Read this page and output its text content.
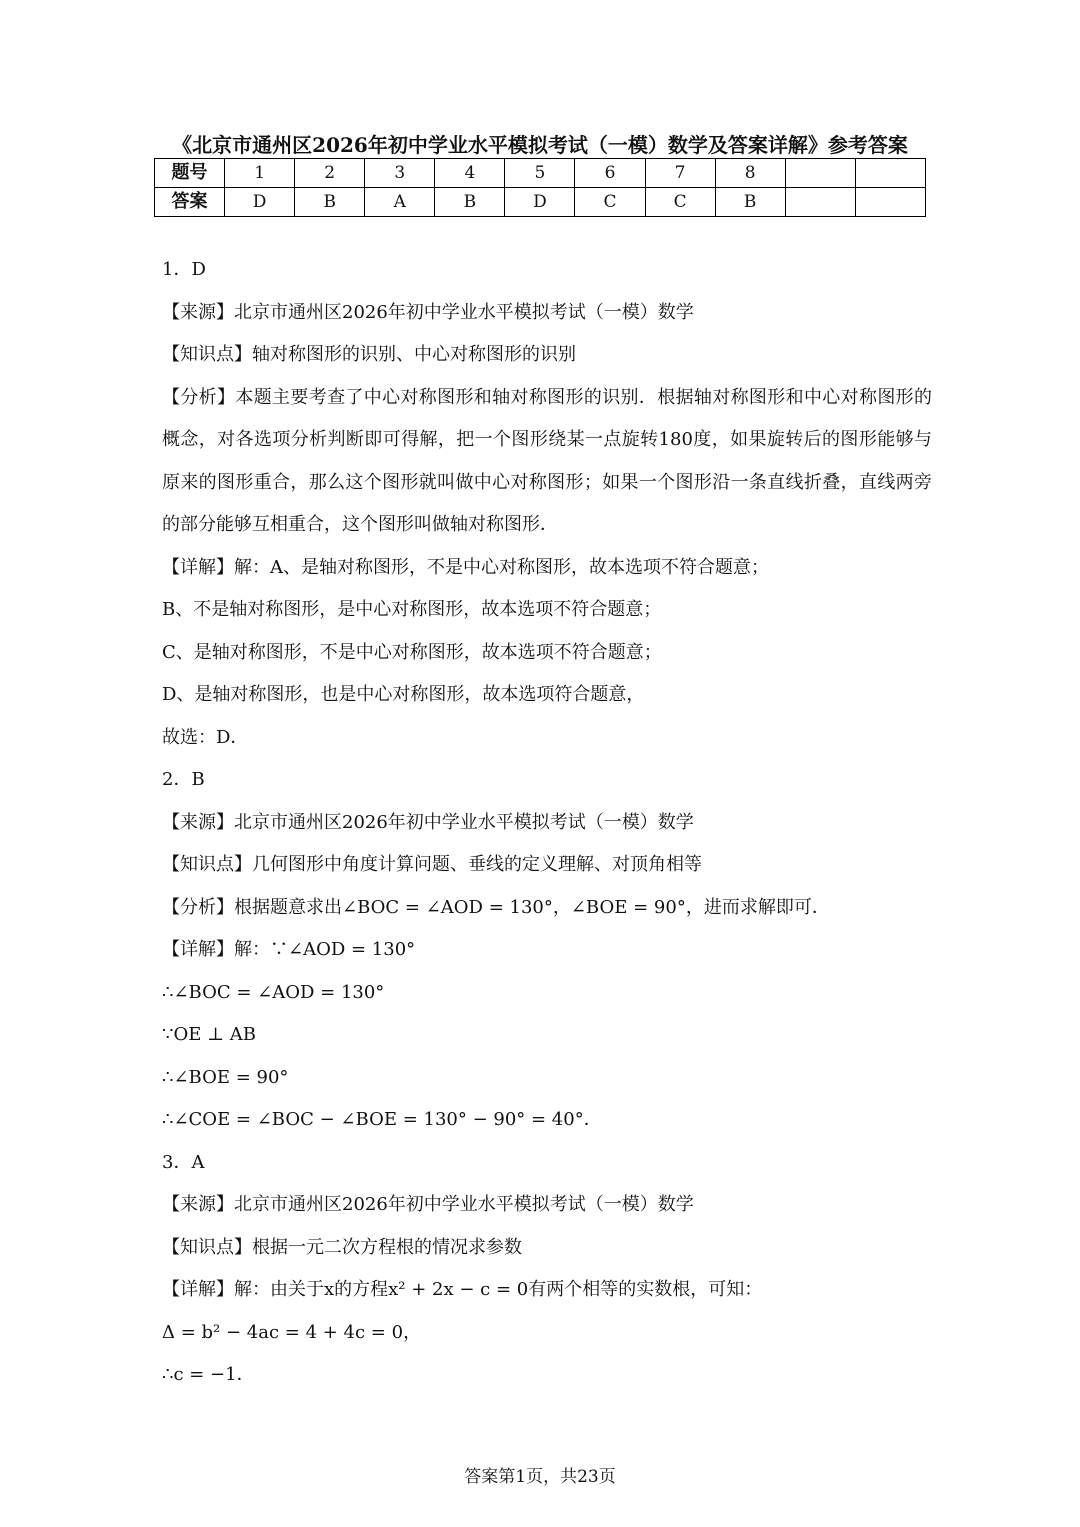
《北京市通州区2026年初中学业水平模拟考试（一模）数学及答案详解》参考答案
题号	1	2	3	4	5	6	7	8		
答案	D	B	A	B	D	C	C	B		
1．D
【来源】北京市通州区2026年初中学业水平模拟考试（一模）数学
【知识点】轴对称图形的识别、中心对称图形的识别
【分析】本题主要考查了中心对称图形和轴对称图形的识别．根据轴对称图形和中心对称图形的概念，对各选项分析判断即可得解，把一个图形绕某一点旋转180度，如果旋转后的图形能够与原来的图形重合，那么这个图形就叫做中心对称图形；如果一个图形沿一条直线折叠，直线两旁的部分能够互相重合，这个图形叫做轴对称图形．
【详解】解：A、是轴对称图形，不是中心对称图形，故本选项不符合题意；
B、不是轴对称图形，是中心对称图形，故本选项不符合题意；
C、是轴对称图形，不是中心对称图形，故本选项不符合题意；
D、是轴对称图形，也是中心对称图形，故本选项符合题意，
故选：D．
2．B
【来源】北京市通州区2026年初中学业水平模拟考试（一模）数学
【知识点】几何图形中角度计算问题、垂线的定义理解、对顶角相等
【分析】根据题意求出∠BOC = ∠AOD = 130°，∠BOE = 90°，进而求解即可．
【详解】解：∵∠AOD = 130°
∴∠BOC = ∠AOD = 130°
∵OE ⊥ AB
∴∠BOE = 90°
∴∠COE = ∠BOC − ∠BOE = 130° − 90° = 40°．
3．A
【来源】北京市通州区2026年初中学业水平模拟考试（一模）数学
【知识点】根据一元二次方程根的情况求参数
【详解】解：由关于x的方程x² + 2x − c = 0有两个相等的实数根，可知：
Δ = b² − 4ac = 4 + 4c = 0，
∴c = −1．
答案第1页，共23页
